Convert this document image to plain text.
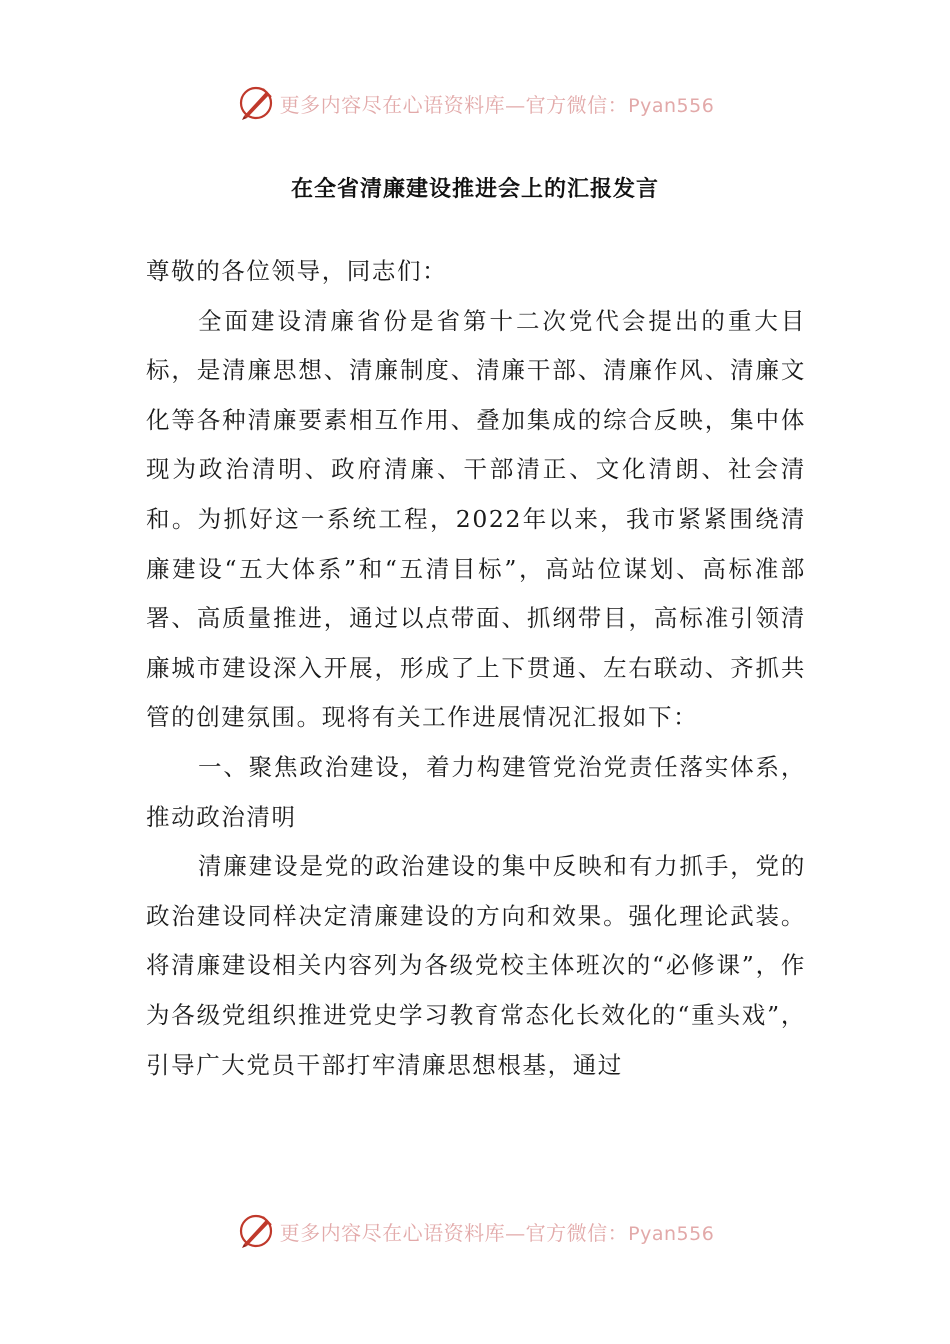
更多内容尽在心语资料库—官方微信：Pyan556
在全省清廉建设推进会上的汇报发言

尊敬的各位领导，同志们：

全面建设清廉省份是省第十二次党代会提出的重大目标，是清廉思想、清廉制度、清廉干部、清廉作风、清廉文化等各种清廉要素相互作用、叠加集成的综合反映，集中体现为政治清明、政府清廉、干部清正、文化清朗、社会清和。为抓好这一系统工程，2022年以来，我市紧紧围绕清廉建设“五大体系”和“五清目标”，高站位谋划、高标准部署、高质量推进，通过以点带面、抓纲带目，高标准引领清廉城市建设深入开展，形成了上下贯通、左右联动、齐抓共管的创建氛围。现将有关工作进展情况汇报如下：

一、聚焦政治建设，着力构建管党治党责任落实体系，推动政治清明

清廉建设是党的政治建设的集中反映和有力抓手，党的政治建设同样决定清廉建设的方向和效果。强化理论武装。将清廉建设相关内容列为各级党校主体班次的“必修课”，作为各级党组织推进党史学习教育常态化长效化的“重头戏”，引导广大党员干部打牢清廉思想根基，通过

更多内容尽在心语资料库—官方微信：Pyan556
